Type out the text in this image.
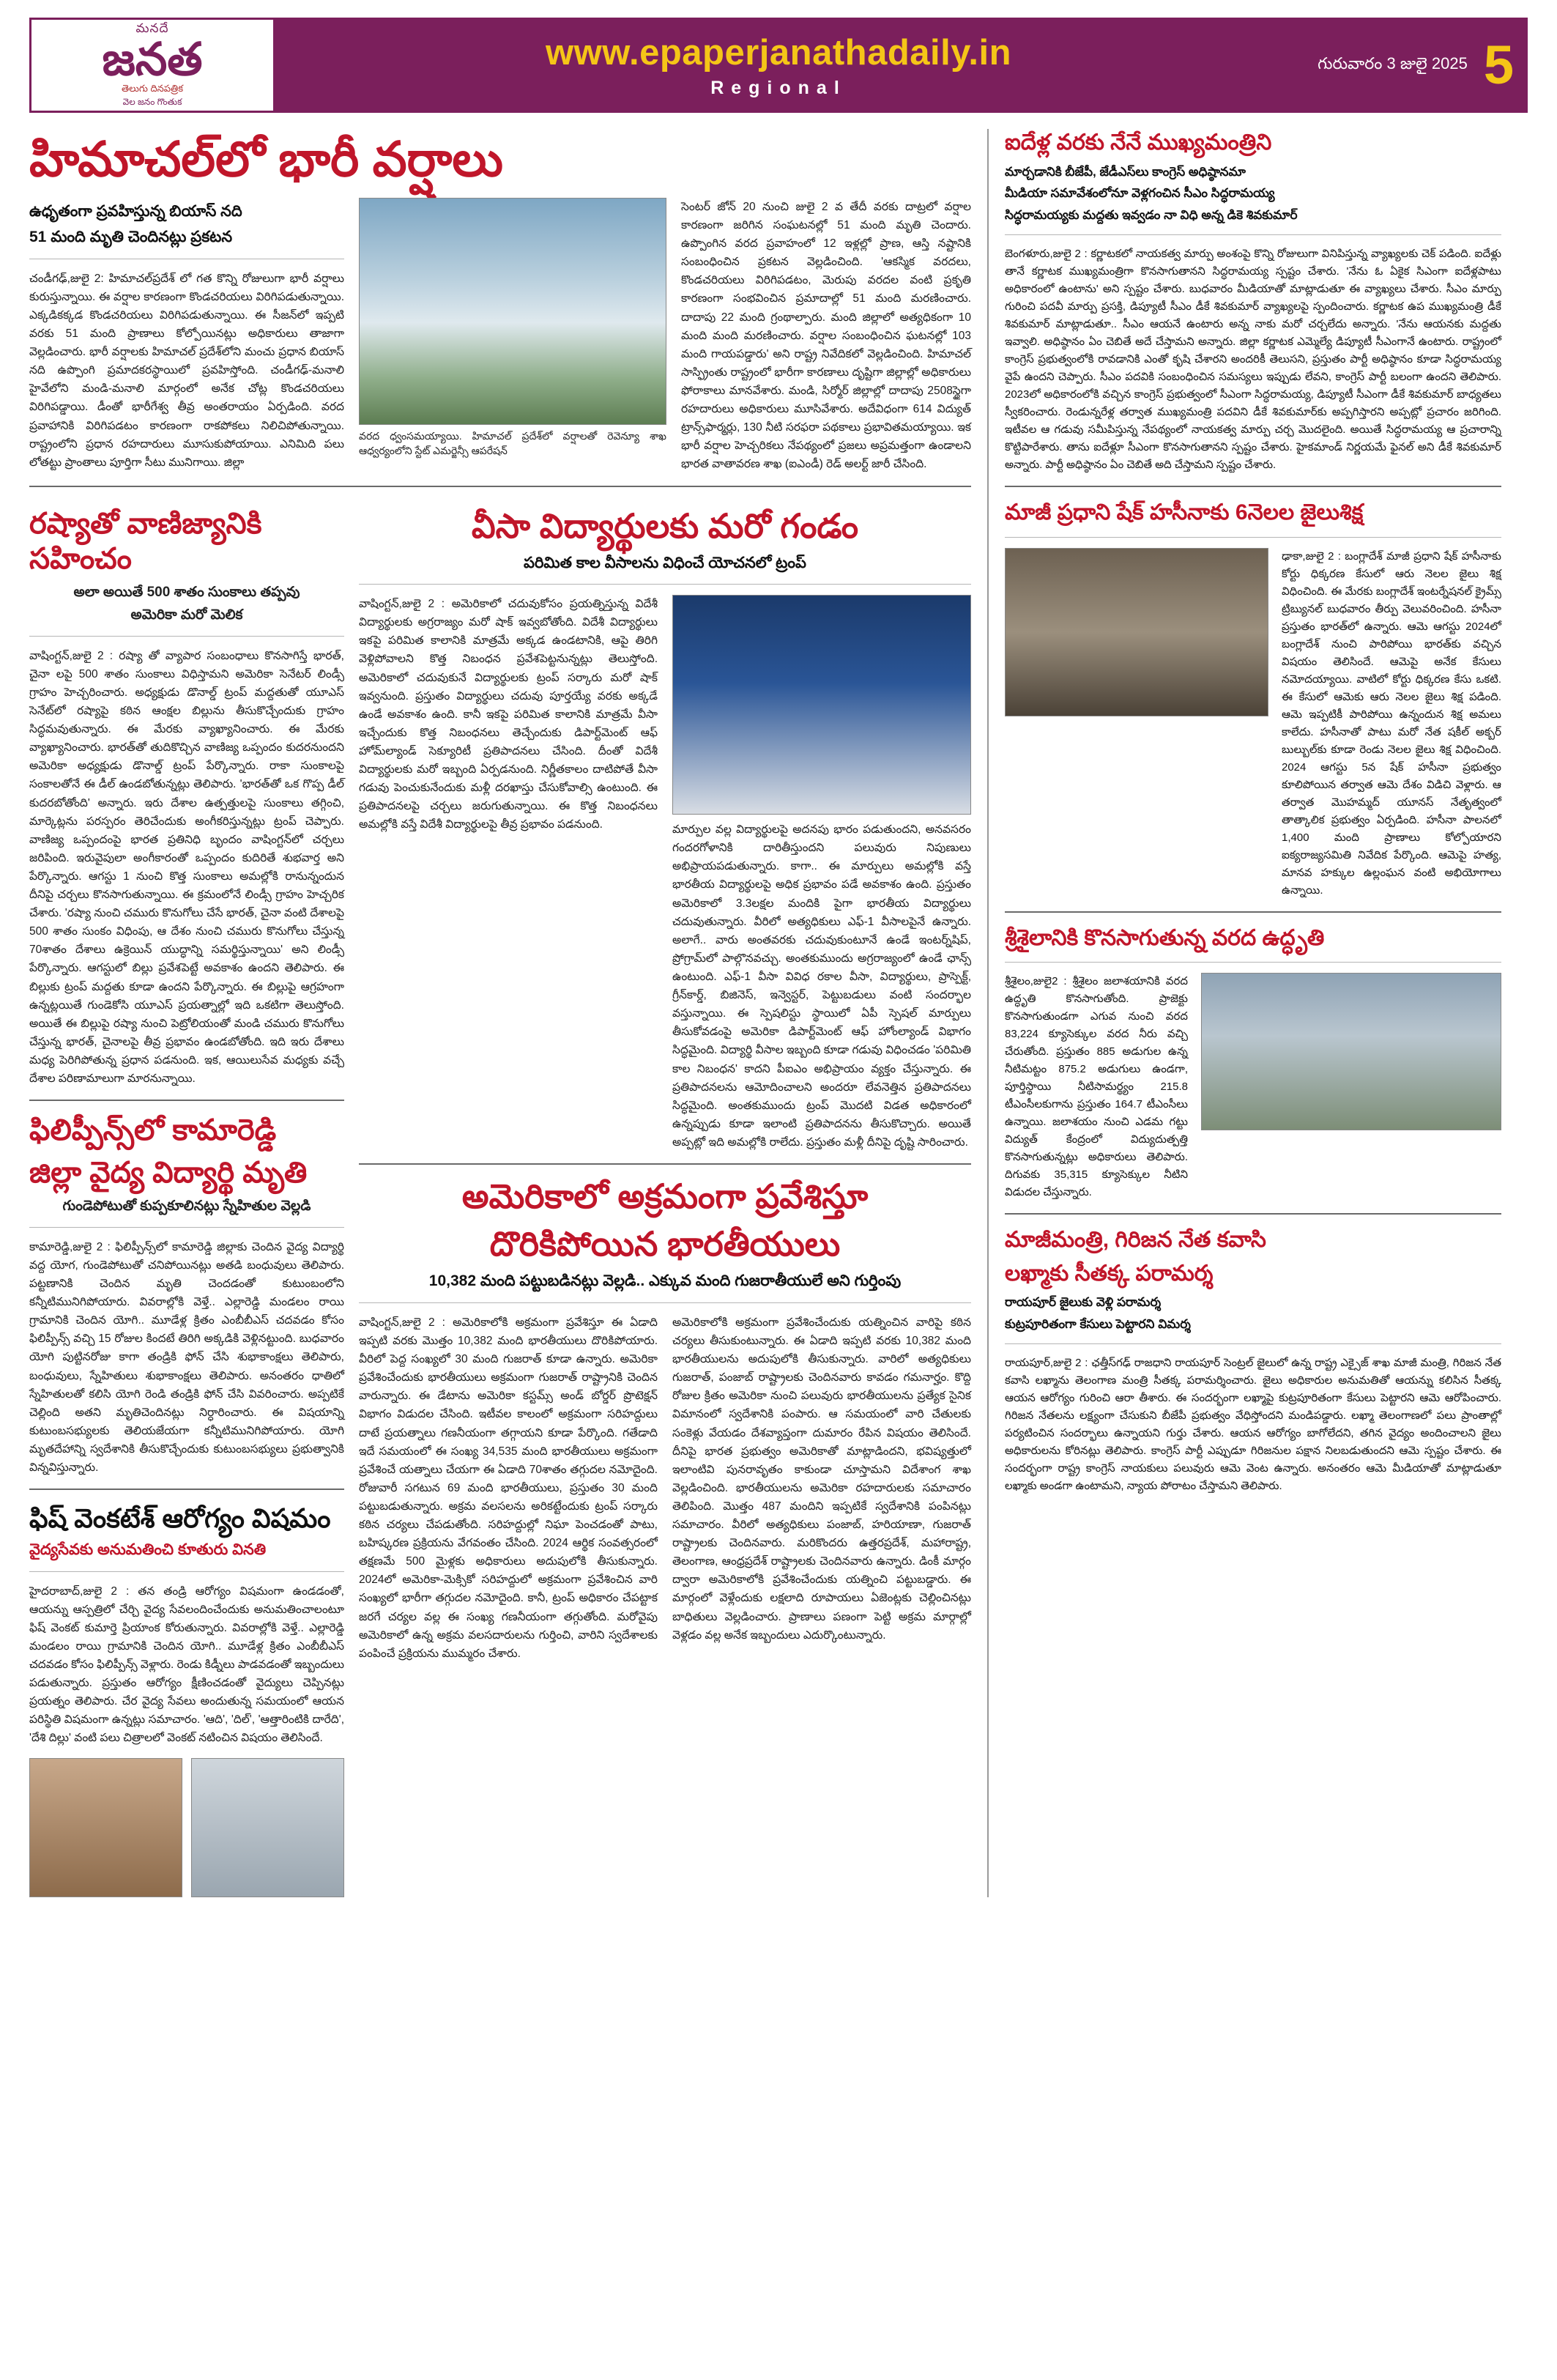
మనదే
జనత
తెలుగు దినపత్రిక
వెల జనం గొంతుక
www.epaperjanathadaily.in
Regional
గురువారం 3 జులై 2025 5
హిమాచల్‌లో భారీ వర్షాలు
ఉధృతంగా ప్రవహిస్తున్న బియాస్ నది
51 మంది మృతి చెందినట్లు ప్రకటన
చండీగఢ్,జులై 2: హిమాచల్‌ప్రదేశ్ లో గత కొన్ని రోజులుగా భారీ వర్షాలు కురుస్తున్నాయి. ఈ వర్షాల కారణంగా కొండచరియలు విరిగిపడుతున్నాయి. ఎక్కడికక్కడ కొండచరియలు విరిగిపడుతున్నాయి. ఈ సీజన్‌లో ఇప్పటి వరకు 51 మంది ప్రాణాలు కోల్పోయినట్లు అధికారులు తాజాగా వెల్లడించారు. భారీ వర్షాలకు హిమాచల్ ప్రదేశ్‌లోని మంచు ప్రధాన బియాస్ నది ఉప్పొంగి ప్రమాదకరస్థాయిలో ప్రవహిస్తోంది. చండీగఢ్-మనాలి హైవేలోని మండి-మనాలి మార్గంలో అనేక చోట్ల కొండచరియలు విరిగిపడ్డాయి. డీంతో భారీగేశ్వ తీవ్ర అంతరాయం ఏర్పడింది. వరద ప్రవాహానికి విరిగిపడటం కారణంగా రాకపోకలు నిలిచిపోతున్నాయి. రాష్ట్రంలోని ప్రధాన రహదారులు మూసుకుపోయాయి. ఎనిమిది పలు లోతట్టు ప్రాంతాలు పూర్తిగా సీటు మునిగాయి. జిల్లా
వరద ధ్వంసమయ్యాయి. హిమాచల్ ప్రదేశ్‌లో వర్షాలతో రెవెన్యూ శాఖ ఆధ్వర్యంలోని స్టేట్ ఎమర్జెన్సీ ఆపరేషన్
సెంటర్ జోన్ 20 నుంచి జులై 2 వ తేదీ వరకు దాట్రలో వర్షాల కారణంగా జరిగిన సంఘటనల్లో 51 మంది మృతి చెందారు. ఉప్పొంగిన వరద ప్రవాహంలో 12 ఇళ్లల్లో ప్రాణ, ఆస్తి నష్టానికి సంబంధించిన ప్రకటన వెల్లడించింది. 'ఆకస్మిక వరదలు, కొండచరియలు విరిగిపడటం, మెరుపు వరదల వంటి ప్రకృతి కారణంగా సంభవించిన ప్రమాదాల్లో 51 మంది మరణించారు. దాదాపు 22 మంది గ్రంథాల్పారు. మంది జిల్లాలో అత్యధికంగా 10 మంది మంది మరణించారు. వర్షాల సంబంధించిన ఘటనల్లో 103 మంది గాయపడ్డారు' అని రాష్ట్ర నివేదికలో వెల్లడించింది. హిమాచల్ సాస్ఫ్రింతు రాష్ట్రంలో భారీగా కారణాలు దృష్టిగా జిల్లాల్లో అధికారులు ఫోరాకాలు మానవేశారు. మండి, సిర్మోర్ జిల్లాల్లో దాదాపు 2508స్థైగా రహదారులు అధికారులు మూసివేశారు. అదేవిధంగా 614 విద్యుత్ ట్రాన్స్‌ఫార్మర్లు, 130 నీటి సరఫరా పథకాలు ప్రభావితమయ్యాయి. ఇక భారీ వర్షాల హెచ్చరికలు నేపథ్యంలో ప్రజలు అప్రమత్తంగా ఉండాలని భారత వాతావరణ శాఖ (ఐఎండీ) రెడ్ అలర్ట్ జారీ చేసింది.
రష్యాతో వాణిజ్యానికి సహించం
అలా అయితే 500 శాతం సుంకాలు తప్పవు
అమెరికా మరో మెలిక
వాషింగ్టన్,జులై 2 : రష్యా తో వ్యాపార సంబంధాలు కొనసాగిస్తే భారత్, చైనా లపై 500 శాతం సుంకాలు విధిస్తామని అమెరికా సెనేటర్ లిండ్సీ గ్రాహం హెచ్చరించారు. అధ్యక్షుడు డొనాల్డ్ ట్రంప్ మద్దతుతో యూఎస్ సెనేట్‌లో రష్యాపై కఠిన ఆంక్షల బిల్లును తీసుకొచ్చేందుకు గ్రాహం సిద్ధమవుతున్నారు. ఈ మేరకు వ్యాఖ్యానించారు. ఈ మేరకు వ్యాఖ్యానించారు. భారత్‌తో తుదికొచ్చిన వాణిజ్య ఒప్పందం కుదరనుందని అమెరికా అధ్యక్షుడు డొనాల్డ్ ట్రంప్ పేర్కొన్నారు. రాకా సుంకాలపై సంకాలతోనే ఈ డీల్ ఉండబోతున్నట్లు తెలిపారు. 'భారత్‌తో ఒక గొప్ప డీల్ కుదరబోతోంది' అన్నారు. ఇరు దేశాల ఉత్పత్తులపై సుంకాలు తగ్గించి, మార్కెట్లను పరస్పరం తెరిచేందుకు అంగీకరిస్తున్నట్లు ట్రంప్ చెప్పారు. వాణిజ్య ఒప్పందంపై భారత ప్రతినిధి బృందం వాషింగ్టన్‌లో చర్చలు జరిపింది. ఇరువైపులా అంగీకారంతో ఒప్పందం కుదిరితే శుభవార్త అని పేర్కొన్నారు. ఆగస్టు 1 నుంచి కొత్త సుంకాలు అమల్లోకి రానున్నందున దీనిపై చర్చలు కొనసాగుతున్నాయి. ఈ క్రమంలోనే లిండ్సీ గ్రాహం హెచ్చరిక చేశారు. 'రష్యా నుంచి చమురు కొనుగోలు చేసే భారత్, చైనా వంటి దేశాలపై 500 శాతం సుంకం విధింపు, ఆ దేశం నుంచి చమురు కొనుగోలు చేస్తున్న 70శాతం దేశాలు ఉక్రెయిన్ యుద్ధాన్ని సమర్థిస్తున్నాయి' అని లిండ్సీ పేర్కొన్నారు. ఆగస్టులో బిల్లు ప్రవేశపెట్టే అవకాశం ఉందని తెలిపారు. ఈ బిల్లుకు ట్రంప్ మద్దతు కూడా ఉందని పేర్కొన్నారు. ఈ బిల్లుపై ఆగ్రహంగా ఉన్నట్లయితే గుండెకోసి యూఎస్ ప్రయత్నాల్లో ఇది ఒకటిగా తెలుస్తోంది. అయితే ఈ బిల్లుపై రష్యా నుంచి పెట్రోలియంతో మండి చమురు కొనుగోలు చేస్తున్న భారత్, చైనాలపై తీవ్ర ప్రభావం ఉండబోతోంది. ఇది ఇరు దేశాలు మధ్య పెరిగిపోతున్న ప్రధాన పడనుంది. ఇక, ఆయిలుసేవ మధ్యకు వచ్చే దేశాల పరిణామాలుగా మారనున్నాయి.
ఫిలిప్పీన్స్‌లో కామారెడ్డి
జిల్లా వైద్య విద్యార్థి మృతి
గుండెపోటుతో కుప్పకూలినట్లు స్నేహితుల వెల్లడి
కామారెడ్డి,జులై 2 : ఫిలిప్పీన్స్‌లో కామారెడ్డి జిల్లాకు చెందిన వైద్య విద్యార్థి వద్ద యోగ, గుండెపోటుతో చనిపోయినట్లు అతడి బంధువులు తెలిపారు. పట్టణానికి చెందిన మృతి చెందడంతో కుటుంబంలోని కన్నీటిమునిగిపోయారు. వివరాల్లోకి వెళ్తే.. ఎల్లారెడ్డి మండలం రాయి గ్రామానికి చెందిన యోగి.. మూడేళ్ల క్రితం ఎంబీబీఎస్ చదవడం కోసం ఫిలిప్పీన్స్ వచ్చి 15 రోజుల కిందటే తిరిగి అక్కడికి వెళ్లినట్టుంది. బుధవారం యోగి పుట్టినరోజు కాగా తండ్రికి ఫోన్ చేసి శుభాకాంక్షలు తెలిపారు, బంధువులు, స్నేహితులు శుభాకాంక్షలు తెలిపారు. అనంతరం ధాతిలో స్నేహితులతో కలిసి యోగి రెండి తండ్రికి ఫోన్ చేసి వివరించారు. అప్పటికే చెల్లింది అతని మృతిచెందినట్లు నిర్ధారించారు. ఈ విషయాన్ని కుటుంబసభ్యులకు తెలియజేయగా కన్నీటిమునిగిపోయారు. యోగి మృతదేహాన్ని స్వదేశానికి తీసుకొచ్చేందుకు కుటుంబసభ్యులు ప్రభుత్వానికి విన్నవిస్తున్నారు.
ఫిష్ వెంకటేశ్ ఆరోగ్యం విషమం
వైద్యసేవకు అనుమతించి కూతురు వినతి
హైదరాబాద్,జులై 2 : తన తండ్రి ఆరోగ్యం విషమంగా ఉండడంతో, ఆయన్ను ఆస్పత్రిలో చేర్చి వైద్య సేవలందించేందుకు అనుమతించాలంటూ ఫిష్ వెంకట్ కుమార్తె ప్రియాంక కోరుతున్నారు. వివరాల్లోకి వెళ్తే.. ఎల్లారెడ్డి మండలం రాయి గ్రామానికి చెందిన యోగి.. మూడేళ్ల క్రితం ఎంబీబీఎస్ చదవడం కోసం ఫిలిప్పీన్స్ వెళ్లారు. రెండు కిడ్నీలు పాడవడంతో ఇబ్బందులు పడుతున్నారు. ప్రస్తుతం ఆరోగ్యం క్షీణించడంతో వైద్యులు చెప్పినట్లు ప్రయత్నం తెలిపారు. చేర వైద్య సేవలు అందుతున్న సమయంలో ఆయన పరిస్థితి విషమంగా ఉన్నట్లు సమాచారం. 'ఆది', 'దిల్', 'ఆత్తారింటికి దారేది', 'దేశి దిల్లు' వంటి పలు చిత్రాలలో వెంకట్ నటించిన విషయం తెలిసిందే.
వీసా విద్యార్థులకు మరో గండం
పరిమిత కాల వీసాలను విధించే యోచనలో ట్రంప్
వాషింగ్టన్,జులై 2 : అమెరికాలో చదువుకోసం ప్రయత్నిస్తున్న విదేశీ విద్యార్థులకు అగ్రరాజ్యం మరో షాక్ ఇవ్వబోతోంది. విదేశీ విద్యార్థులు ఇకపై పరిమిత కాలానికి మాత్రమే అక్కడ ఉండటానికి, ఆపై తిరిగి వెళ్లిపోవాలని కొత్త నిబంధన ప్రవేశపెట్టనున్నట్లు తెలుస్తోంది. అమెరికాలో చదువుకునే విద్యార్థులకు ట్రంప్ సర్కారు మరో షాక్ ఇవ్వనుంది. ప్రస్తుతం విద్యార్థులు చదువు పూర్తయ్యే వరకు అక్కడే ఉండే అవకాశం ఉంది. కానీ ఇకపై పరిమిత కాలానికి మాత్రమే వీసా ఇచ్చేందుకు కొత్త నిబంధనలు తెచ్చేందుకు డిపార్ట్‌మెంట్ ఆఫ్ హోమ్‌ల్యాండ్ సెక్యూరిటీ ప్రతిపాదనలు చేసింది. దీంతో విదేశీ విద్యార్థులకు మరో ఇబ్బంది ఏర్పడనుంది. నిర్ణీతకాలం దాటిపోతే వీసా గడువు పెంచుకునేందుకు మళ్లీ దరఖాస్తు చేసుకోవాల్సి ఉంటుంది. ఈ ప్రతిపాదనలపై చర్చలు జరుగుతున్నాయి. ఈ కొత్త నిబంధనలు అమల్లోకి వస్తే విదేశీ విద్యార్థులపై తీవ్ర ప్రభావం పడనుంది.	మార్పుల వల్ల విద్యార్థులపై అదనపు భారం పడుతుందని, అనవసరం గందరగోళానికి దారితీస్తుందని పలువురు నిపుణులు అభిప్రాయపడుతున్నారు. కాగా.. ఈ మార్పులు అమల్లోకి వస్తే భారతీయ విద్యార్థులపై అధిక ప్రభావం పడే అవకాశం ఉంది. ప్రస్తుతం అమెరికాలో 3.3లక్షల మందికి పైగా భారతీయ విద్యార్థులు చదువుతున్నారు. వీరిలో అత్యధికులు ఎఫ్-1 వీసాలపైనే ఉన్నారు. అలాగే.. వారు అంతవరకు చదువుకుంటూనే ఉండే ఇంటర్న్‌షిప్, ప్రోగ్రామ్‌లో పాల్గొనవచ్చు. అంతకుముందు అగ్రరాజ్యంలో ఉండే ఛాన్స్ ఉంటుంది. ఎఫ్-1 వీసా వివిధ రకాల వీసా, విద్యార్థులు, ప్రాస్పెక్ట్, గ్రీన్‌కార్డ్, బిజినెస్, ఇన్వెస్టర్, పెట్టుబడులు వంటి సందర్భాల వస్తున్నాయి. ఈ స్పెషలిస్టు స్థాయిలో ఏపీ స్పెషల్ మార్పులు తీసుకోవడంపై అమెరికా డిపార్ట్‌మెంట్ ఆఫ్ హోంల్యాండ్ విభాగం సిద్ధమైంది. విద్యార్థి వీసాల ఇబ్బంది కూడా గడువు విధించడం 'పరిమితి కాల నిబంధన' కాదని పీఐఎం అభిప్రాయం వ్యక్తం చేస్తున్నారు. ఈ ప్రతిపాదనలను ఆమోదించాలని అందరూ లేవనెత్తిన ప్రతిపాదనలు సిద్ధమైంది. అంతకుముందు ట్రంప్ మొదటి విడత అధికారంలో ఉన్నప్పుడు కూడా ఇలాంటి ప్రతిపాదనను తీసుకొచ్చారు. అయితే అప్పట్లో ఇది అమల్లోకి రాలేదు. ప్రస్తుతం మళ్లీ దీనిపై దృష్టి సారించారు.
అమెరికాలో అక్రమంగా ప్రవేశిస్తూ
దొరికిపోయిన భారతీయులు
10,382 మంది పట్టుబడినట్లు వెల్లడి.. ఎక్కువ మంది గుజరాతీయులే అని గుర్తింపు
వాషింగ్టన్,జులై 2 : అమెరికాలోకి అక్రమంగా ప్రవేశిస్తూ ఈ ఏడాది ఇప్పటి వరకు మొత్తం 10,382 మంది భారతీయులు దొరికిపోయారు. వీరిలో పెద్ద సంఖ్యలో 30 మంది గుజరాత్ కూడా ఉన్నారు. అమెరికా ప్రవేశించేందుకు భారతీయులు అక్రమంగా గుజరాత్ రాష్ట్రానికి చెందిన వారున్నారు. ఈ డేటాను అమెరికా కస్టమ్స్ అండ్ బోర్డర్ ప్రొటెక్షన్ విభాగం విడుదల చేసింది. ఇటీవల కాలంలో అక్రమంగా సరిహద్దులు దాటే ప్రయత్నాలు గణనీయంగా తగ్గాయని కూడా పేర్కొంది. గతేడాది ఇదే సమయంలో ఈ సంఖ్య 34,535 మంది భారతీయులు అక్రమంగా ప్రవేశించే యత్నాలు చేయగా ఈ ఏడాది 70శాతం తగ్గుదల నమోదైంది. రోజువారీ సగటున 69 మంది భారతీయులు, ప్రస్తుతం 30 మంది పట్టుబడుతున్నారు. అక్రమ వలసలను అరికట్టేందుకు ట్రంప్ సర్కారు కఠిన చర్యలు చేపడుతోంది. సరిహద్దుల్లో నిఘా పెంచడంతో పాటు, బహిష్కరణ ప్రక్రియను వేగవంతం చేసింది. 2024 ఆర్థిక సంవత్సరంలో తక్షణమే 500 మైళ్లకు అధికారులు అదుపులోకి తీసుకున్నారు. 2024లో అమెరికా-మెక్సికో సరిహద్దులో అక్రమంగా ప్రవేశించిన వారి సంఖ్యలో భారీగా తగ్గుదల నమోదైంది. కానీ, ట్రంప్ అధికారం చేపట్టాక జరగే చర్యల వల్ల ఈ సంఖ్య గణనీయంగా తగ్గుతోంది. మరోవైపు అమెరికాలో ఉన్న అక్రమ వలసదారులను గుర్తించి, వారిని స్వదేశాలకు పంపించే ప్రక్రియను ముమ్మరం చేశారు.
అమెరికాలోకి అక్రమంగా ప్రవేశించేందుకు యత్నించిన వారిపై కఠిన చర్యలు తీసుకుంటున్నారు. ఈ ఏడాది ఇప్పటి వరకు 10,382 మంది భారతీయులను అదుపులోకి తీసుకున్నారు. వారిలో అత్యధికులు గుజరాత్, పంజాబ్ రాష్ట్రాలకు చెందినవారు కావడం గమనార్హం. కొద్ది రోజుల క్రితం అమెరికా నుంచి పలువురు భారతీయులను ప్రత్యేక సైనిక విమానంలో స్వదేశానికి పంపారు. ఆ సమయంలో వారి చేతులకు సంకెళ్లు వేయడం దేశవ్యాప్తంగా దుమారం రేపిన విషయం తెలిసిందే. దీనిపై భారత ప్రభుత్వం అమెరికాతో మాట్లాడిందని, భవిష్యత్తులో ఇలాంటివి పునరావృతం కాకుండా చూస్తామని విదేశాంగ శాఖ వెల్లడించింది. భారతీయులను అమెరికా రహదారులకు సమాచారం తెలిపింది. మొత్తం 487 మందిని ఇప్పటికే స్వదేశానికి పంపినట్లు సమాచారం. వీరిలో అత్యధికులు పంజాబ్, హరియాణా, గుజరాత్ రాష్ట్రాలకు చెందినవారు. మరికొందరు ఉత్తరప్రదేశ్, మహారాష్ట్ర, తెలంగాణ, ఆంధ్రప్రదేశ్ రాష్ట్రాలకు చెందినవారు ఉన్నారు. డింకీ మార్గం ద్వారా అమెరికాలోకి ప్రవేశించేందుకు యత్నించి పట్టుబడ్డారు. ఈ మార్గంలో వెళ్లేందుకు లక్షలాది రూపాయలు ఏజెంట్లకు చెల్లించినట్లు బాధితులు వెల్లడించారు. ప్రాణాలు పణంగా పెట్టి అక్రమ మార్గాల్లో వెళ్లడం వల్ల అనేక ఇబ్బందులు ఎదుర్కొంటున్నారు.
ఐదేళ్ల వరకు నేనే ముఖ్యమంత్రిని
మార్చడానికి బీజేపీ, జేడీఎస్‌లు కాంగ్రెస్ అధిష్ఠానమా
మీడియా సమావేశంలోనూ వెళ్లగంచిన సీఎం సిద్ధరామయ్య
సిద్ధరామయ్యకు మద్దతు ఇవ్వడం నా విధి అన్న డికె శివకుమార్
బెంగళూరు,జులై 2 : కర్ణాటకలో నాయకత్వ మార్పు అంశంపై కొన్ని రోజులుగా వినిపిస్తున్న వ్యాఖ్యలకు చెక్ పడింది. ఐదేళ్లు తానే కర్ణాటక ముఖ్యమంత్రిగా కొనసాగుతానని సిద్ధరామయ్య స్పష్టం చేశారు. 'నేను ఓ ఏకైక సిఎంగా ఐదేళ్లపాటు అధికారంలో ఉంటాను' అని స్పష్టం చేశారు. బుధవారం మీడియాతో మాట్లాడుతూ ఈ వ్యాఖ్యలు చేశారు. సీఎం మార్పు గురించి పదవీ మార్పు ప్రసక్తి, డిప్యూటీ సీఎం డీకే శివకుమార్ వ్యాఖ్యలపై స్పందించారు. కర్ణాటక ఉప ముఖ్యమంత్రి డీకే శివకుమార్ మాట్లాడుతూ.. సీఎం ఆయనే ఉంటారు అన్న నాకు మరో చర్చలేదు అన్నారు. 'నేను ఆయనకు మద్దతు ఇవ్వాలి. అధిష్ఠానం ఏం చెబితే అదే చేస్తామని అన్నారు. జిల్లా కర్ణాటక ఎమ్మెల్యే డిప్యూటీ సీఎంగానే ఉంటారు. రాష్ట్రంలో కాంగ్రెస్ ప్రభుత్వంలోకి రావడానికి ఎంతో కృషి చేశారని అందరికీ తెలుసని, ప్రస్తుతం పార్టీ అధిష్ఠానం కూడా సిద్ధరామయ్య వైపే ఉందని చెప్పారు. సీఎం పదవికి సంబంధించిన సమస్యలు ఇప్పుడు లేవని, కాంగ్రెస్ పార్టీ బలంగా ఉందని తెలిపారు. 2023లో అధికారంలోకి వచ్చిన కాంగ్రెస్ ప్రభుత్వంలో సీఎంగా సిద్ధరామయ్య, డిప్యూటీ సీఎంగా డీకే శివకుమార్ బాధ్యతలు స్వీకరించారు. రెండున్నరేళ్ల తర్వాత ముఖ్యమంత్రి పదవిని డీకే శివకుమార్‌కు అప్పగిస్తారని అప్పట్లో ప్రచారం జరిగింది. ఇటీవల ఆ గడువు సమీపిస్తున్న నేపథ్యంలో నాయకత్వ మార్పు చర్చ మొదలైంది. అయితే సిద్ధరామయ్య ఆ ప్రచారాన్ని కొట్టిపారేశారు. తాను ఐదేళ్లూ సీఎంగా కొనసాగుతానని స్పష్టం చేశారు. హైకమాండ్ నిర్ణయమే ఫైనల్ అని డీకే శివకుమార్ అన్నారు. పార్టీ అధిష్ఠానం ఏం చెబితే అది చేస్తామని స్పష్టం చేశారు.
మాజీ ప్రధాని షేక్ హసీనాకు 6నెలల జైలుశిక్ష
ఢాకా,జులై 2 : బంగ్లాదేశ్ మాజీ ప్రధాని షేక్ హసీనాకు కోర్టు ధిక్కరణ కేసులో ఆరు నెలల జైలు శిక్ష విధించింది. ఈ మేరకు బంగ్లాదేశ్ ఇంటర్నేషనల్ క్రైమ్స్ ట్రిబ్యునల్ బుధవారం తీర్పు వెలువరించింది. హసీనా ప్రస్తుతం భారత్‌లో ఉన్నారు. ఆమె ఆగస్టు 2024లో బంగ్లాదేశ్ నుంచి పారిపోయి భారత్‌కు వచ్చిన విషయం తెలిసిందే. ఆమెపై అనేక కేసులు నమోదయ్యాయి. వాటిలో కోర్టు ధిక్కరణ కేసు ఒకటి. ఈ కేసులో ఆమెకు ఆరు నెలల జైలు శిక్ష పడింది. ఆమె ఇప్పటికీ పారిపోయి ఉన్నందున శిక్ష అమలు కాలేదు. హసీనాతో పాటు మరో నేత షకీల్ అక్బర్ బుల్బుల్‌కు కూడా రెండు నెలల జైలు శిక్ష విధించింది. 2024 ఆగస్టు 5న షేక్ హసీనా ప్రభుత్వం కూలిపోయిన తర్వాత ఆమె దేశం విడిచి వెళ్లారు. ఆ తర్వాత మొహమ్మద్ యూనస్ నేతృత్వంలో తాత్కాలిక ప్రభుత్వం ఏర్పడింది. హసీనా పాలనలో 1,400 మంది ప్రాణాలు కోల్పోయారని ఐక్యరాజ్యసమితి నివేదిక పేర్కొంది. ఆమెపై హత్య, మానవ హక్కుల ఉల్లంఘన వంటి అభియోగాలు ఉన్నాయి.
శ్రీశైలానికి కొనసాగుతున్న వరద ఉద్ధృతి
శ్రీశైలం,జులై2 : శ్రీశైలం జలాశయానికి వరద ఉద్ధృతి కొనసాగుతోంది. ప్రాజెక్టు కొనసాగుతుండగా ఎగువ నుంచి వరద 83,224 క్యూసెక్కుల వరద నీరు వచ్చి చేరుతోంది. ప్రస్తుతం 885 అడుగుల ఉన్న నీటిమట్టం 875.2 అడుగులు ఉండగా, పూర్తిస్థాయి నీటిసామర్థ్యం 215.8 టీఎంసీలకుగాను ప్రస్తుతం 164.7 టీఎంసీలు ఉన్నాయి. జలాశయం నుంచి ఎడమ గట్టు విద్యుత్ కేంద్రంలో విద్యుదుత్పత్తి కొనసాగుతున్నట్లు అధికారులు తెలిపారు. దిగువకు 35,315 క్యూసెక్కుల నీటిని విడుదల చేస్తున్నారు.
మాజీమంత్రి, గిరిజన నేత కవాసి
లఖ్మాకు సీతక్క పరామర్శ
రాయపూర్ జైలుకు వెళ్లి పరామర్శ
కుట్రపూరితంగా కేసులు పెట్టారని విమర్శ
రాయపూర్,జులై 2 : ఛత్తీస్‌గఢ్ రాజధాని రాయపూర్ సెంట్రల్ జైలులో ఉన్న రాష్ట్ర ఎక్సైజ్ శాఖ మాజీ మంత్రి, గిరిజన నేత కవాసి లఖ్మాను తెలంగాణ మంత్రి సీతక్క పరామర్శించారు. జైలు అధికారుల అనుమతితో ఆయన్ను కలిసిన సీతక్క ఆయన ఆరోగ్యం గురించి ఆరా తీశారు. ఈ సందర్భంగా లఖ్మాపై కుట్రపూరితంగా కేసులు పెట్టారని ఆమె ఆరోపించారు. గిరిజన నేతలను లక్ష్యంగా చేసుకుని బీజేపీ ప్రభుత్వం వేధిస్తోందని మండిపడ్డారు. లఖ్మా తెలంగాణలో పలు ప్రాంతాల్లో పర్యటించిన సందర్భాలు ఉన్నాయని గుర్తు చేశారు. ఆయన ఆరోగ్యం బాగోలేదని, తగిన వైద్యం అందించాలని జైలు అధికారులను కోరినట్లు తెలిపారు. కాంగ్రెస్ పార్టీ ఎప్పుడూ గిరిజనుల పక్షాన నిలబడుతుందని ఆమె స్పష్టం చేశారు. ఈ సందర్భంగా రాష్ట్ర కాంగ్రెస్ నాయకులు పలువురు ఆమె వెంట ఉన్నారు. అనంతరం ఆమె మీడియాతో మాట్లాడుతూ లఖ్మాకు అండగా ఉంటామని, న్యాయ పోరాటం చేస్తామని తెలిపారు.
